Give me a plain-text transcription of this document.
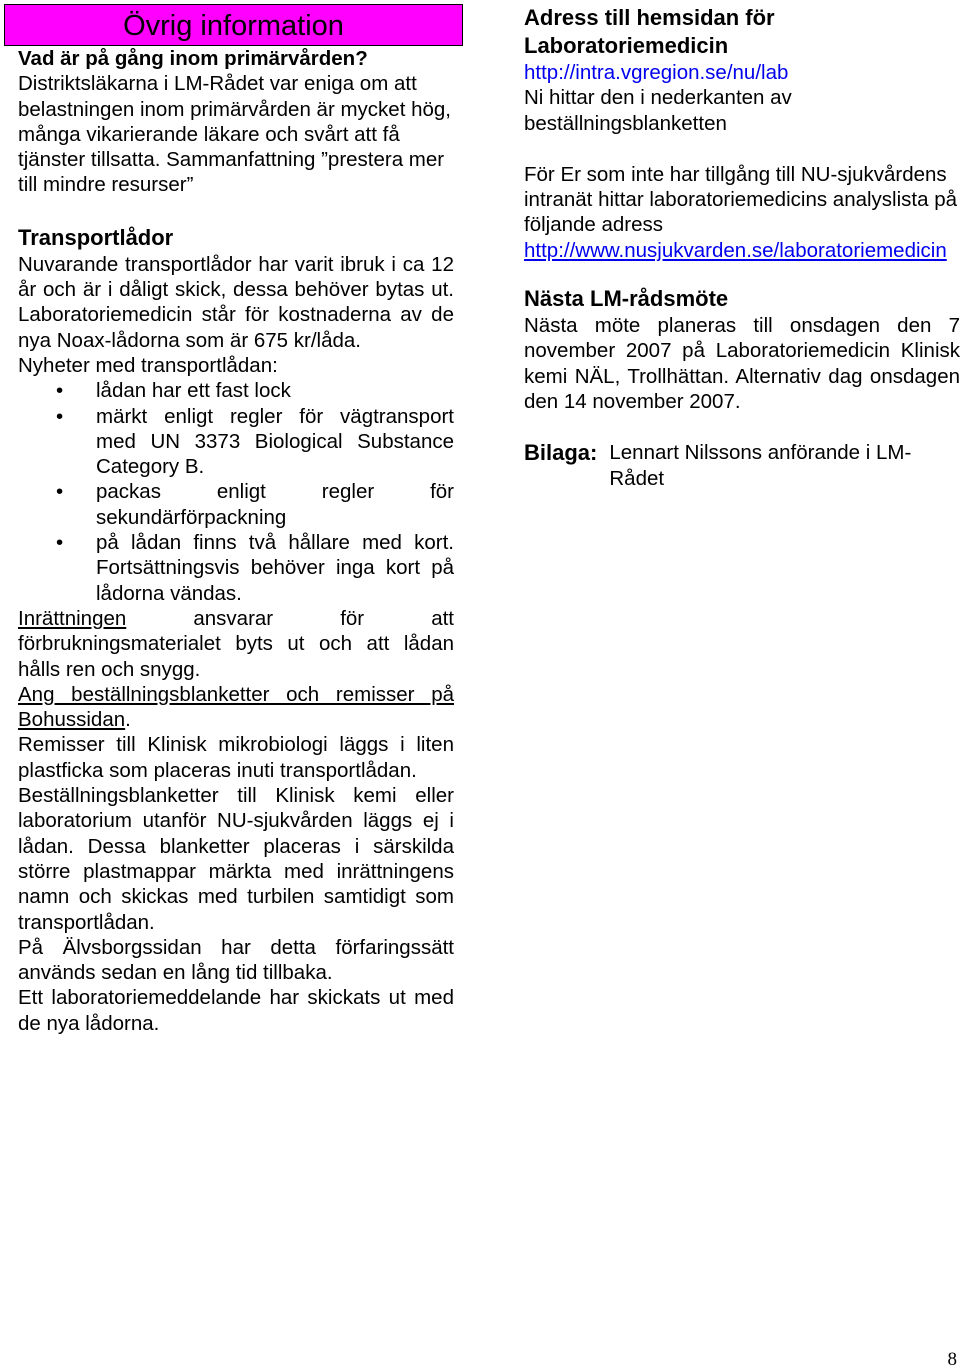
Övrig information
Vad är på gång inom primärvården?
Distriktsläkarna i LM-Rådet var eniga om att belastningen inom primärvården är mycket hög, många vikarierande läkare och svårt att få tjänster tillsatta. Sammanfattning ”prestera mer till mindre resurser”
Transportlådor
Nuvarande transportlådor har varit ibruk i ca 12 år och är i dåligt skick, dessa behöver bytas ut. Laboratoriemedicin står för kostnaderna av de nya Noax-lådorna som är 675 kr/låda.
Nyheter med transportlådan:
• lådan har ett fast lock
• märkt enligt regler för vägtransport med UN 3373 Biological Substance Category B.
• packas enligt regler för sekundärförpackning
• på lådan finns två hållare med kort. Fortsättningsvis behöver inga kort på lådorna vändas.
Inrättningen ansvarar för att förbrukningsmaterialet byts ut och att lådan hålls ren och snygg.
Ang beställningsblanketter och remisser på Bohussidan.
Remisser till Klinisk mikrobiologi läggs i liten plastficka som placeras inuti transportlådan.
Beställningsblanketter till Klinisk kemi eller laboratorium utanför NU-sjukvården läggs ej i lådan. Dessa blanketter placeras i särskilda större plastmappar märkta med inrättningens namn och skickas med turbilen samtidigt som transportlådan.
På Älvsborgssidan har detta förfaringssätt används sedan en lång tid tillbaka.
Ett laboratoriemeddelande har skickats ut med de nya lådorna.
Adress till hemsidan för Laboratoriemedicin
http://intra.vgregion.se/nu/lab
Ni hittar den i nederkanten av beställningsblanketten
För Er som inte har tillgång till NU-sjukvårdens intranät hittar laboratoriemedicins analyslista på följande adress
http://www.nusjukvarden.se/laboratoriemedicin
Nästa LM-rådsmöte
Nästa möte planeras till onsdagen den 7 november 2007 på Laboratoriemedicin Klinisk kemi NÄL, Trollhättan. Alternativ dag onsdagen den 14 november 2007.
Bilaga: Lennart Nilssons anförande i LM-Rådet
8
